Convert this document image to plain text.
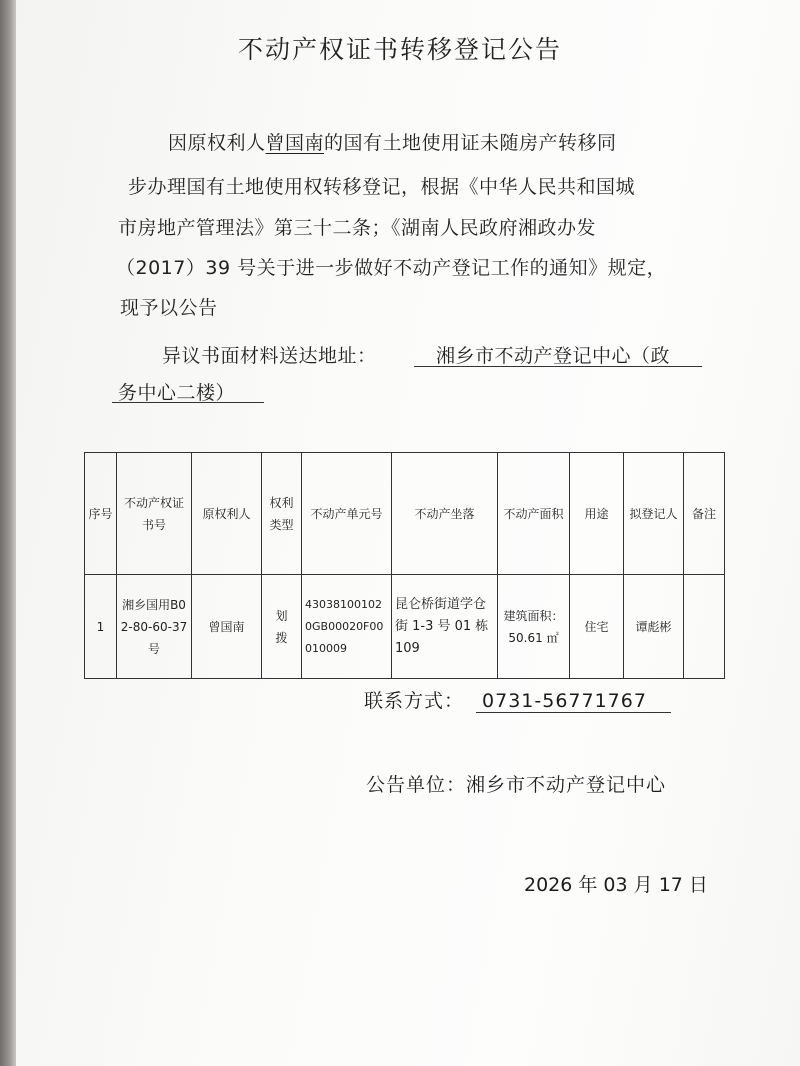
不动产权证书转移登记公告
因原权利人曾国南的国有土地使用证未随房产转移同
步办理国有土地使用权转移登记，根据《中华人民共和国城
市房地产管理法》第三十二条；《湖南人民政府湘政办发
（2017）39 号关于进一步做好不动产登记工作的通知》规定，
现予以公告
异议书面材料送达地址：	湘乡市不动产登记中心（政
务中心二楼）
序号	不动产权证书号	原权利人	权利类型	不动产单元号	不动产坐落	不动产面积	用途	拟登记人	备注
1	湘乡国用B02-80-60-37 号	曾国南	划拨	430381001020GB00020F00010009	昆仑桥街道学仓街 1-3 号 01 栋 109	建筑面积：50.61 ㎡	住宅	谭彪彬	
联系方式： 0731-56771767
公告单位：湘乡市不动产登记中心
2026 年 03 月 17 日
